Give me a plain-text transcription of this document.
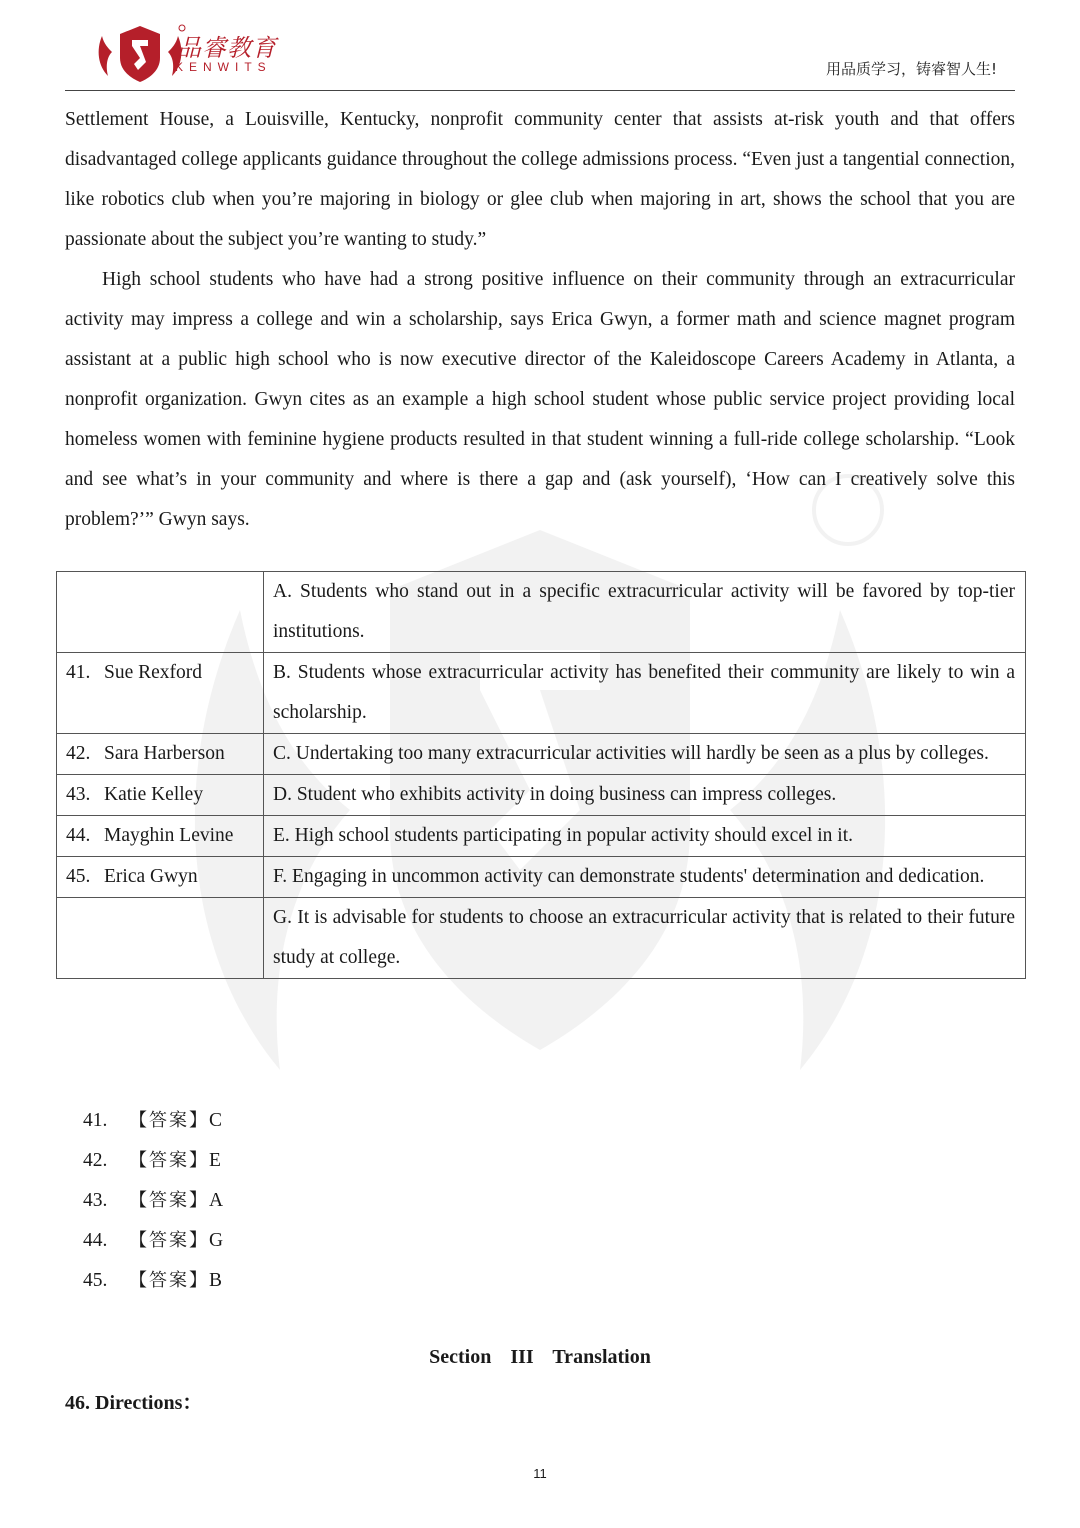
品睿教育
KENWITS	用品质学习，铸睿智人生!

Settlement House, a Louisville, Kentucky, nonprofit community center that assists at-risk youth and that offers disadvantaged college applicants guidance throughout the college admissions process. “Even just a tangential connection, like robotics club when you’re majoring in biology or glee club when majoring in art, shows the school that you are passionate about the subject you’re wanting to study.”

High school students who have had a strong positive influence on their community through an extracurricular activity may impress a college and win a scholarship, says Erica Gwyn, a former math and science magnet program assistant at a public high school who is now executive director of the Kaleidoscope Careers Academy in Atlanta, a nonprofit organization. Gwyn cites as an example a high school student whose public service project providing local homeless women with feminine hygiene products resulted in that student winning a full-ride college scholarship. “Look and see what’s in your community and where is there a gap and (ask yourself), ‘How can I creatively solve this problem?’” Gwyn says.

	A. Students who stand out in a specific extracurricular activity will be favored by top-tier institutions.
41. Sue Rexford	B. Students whose extracurricular activity has benefited their community are likely to win a scholarship.
42. Sara Harberson	C. Undertaking too many extracurricular activities will hardly be seen as a plus by colleges.
43. Katie Kelley	D. Student who exhibits activity in doing business can impress colleges.
44. Mayghin Levine	E. High school students participating in popular activity should excel in it.
45. Erica Gwyn	F. Engaging in uncommon activity can demonstrate students' determination and dedication.
	G. It is advisable for students to choose an extracurricular activity that is related to their future study at college.
41.	【答案】 C
42.	【答案】 E
43.	【答案】 A
44.	【答案】 G
45.	【答案】 B
Section III Translation
46. Directions：
11
